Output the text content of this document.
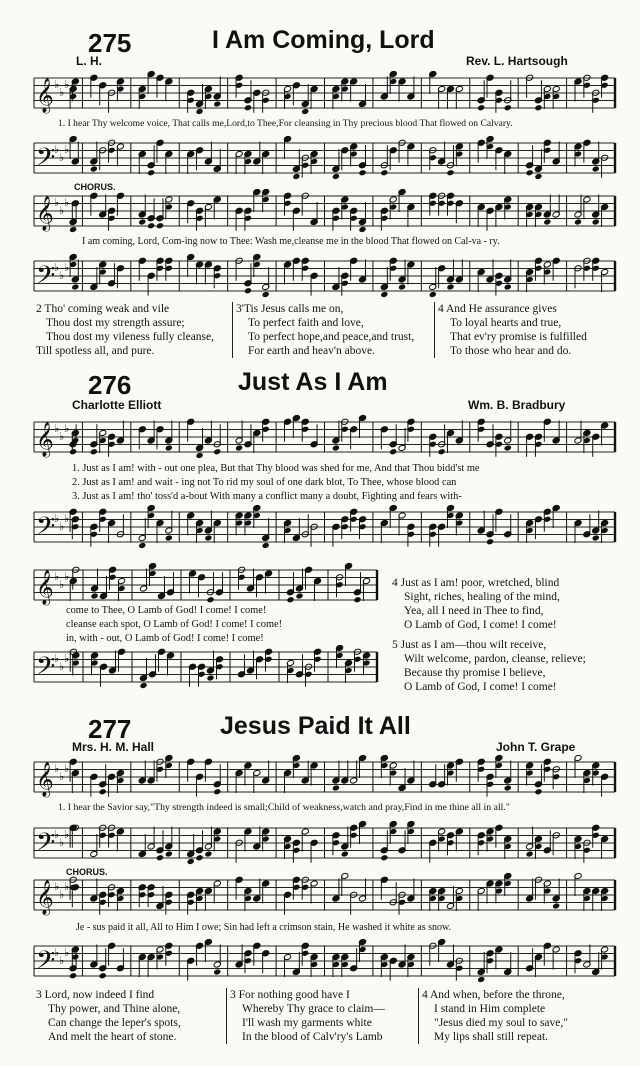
275	I Am Coming, Lord
L. H.	Rev. L. Hartsough
𝄞 ♭
♭
♭
1. I hear Thy welcome voice, That calls me,Lord,to Thee,For cleansing in Thy precious blood That flowed on Calvary.
𝄢
♭
♭
♭
CHORUS.
𝄞 ♭
♭
♭
I am coming, Lord, Com-ing now to Thee: Wash me,cleanse me in the blood That flowed on Cal-va - ry.
𝄢
♭
♭
♭
2 Tho' coming weak and vile
Thou dost my strength assure;
Thou dost my vileness fully cleanse,
Till spotless all, and pure.
3'Tis Jesus calls me on,
To perfect faith and love,
To perfect hope,and peace,and trust,
For earth and heav'n above.
4 And He assurance gives
To loyal hearts and true,
That ev'ry promise is fulfilled
To those who hear and do.
276	Just As I Am
Charlotte Elliott	Wm. B. Bradbury
𝄞 ♭
♭
♭
1. Just as I am! with - out one plea, But that Thy blood was shed for me, And that Thou bidd'st me
2. Just as I am! and wait - ing not To rid my soul of one dark blot, To Thee, whose blood can
3. Just as I am! tho' toss'd a-bout With many a conflict many a doubt, Fighting and fears with-
𝄢
♭
♭
♭
𝄞 ♭
♭
♭
come to Thee, O Lamb of God! I come! I come!
cleanse each spot, O Lamb of God! I come! I come!
in, with - out, O Lamb of God! I come! I come!
𝄢
♭
♭
♭
4 Just as I am! poor, wretched, blind
Sight, riches, healing of the mind,
Yea, all I need in Thee to find,
O Lamb of God, I come! I come!
5 Just as I am—thou wilt receive,
Wilt welcome, pardon, cleanse, relieve;
Because thy promise I believe,
O Lamb of God, I come! I come!
277	Jesus Paid It All
Mrs. H. M. Hall	John T. Grape
𝄞 ♭
♭
♭
1. I hear the Savior say,"Thy strength indeed is small;Child of weakness,watch and pray,Find in me thine all in all."
𝄢
♭
♭
♭
CHORUS.
𝄞 ♭
♭
♭
Je - sus paid it all, All to Him I owe; Sin had left a crimson stain, He washed it white as snow.
𝄢
♭
♭
♭
3 Lord, now indeed I find
Thy power, and Thine alone,
Can change the leper's spots,
And melt the heart of stone.
3 For nothing good have I
Whereby Thy grace to claim—
I'll wash my garments white
In the blood of Calv'ry's Lamb
4 And when, before the throne,
I stand in Him complete
"Jesus died my soul to save,"
My lips shall still repeat.
